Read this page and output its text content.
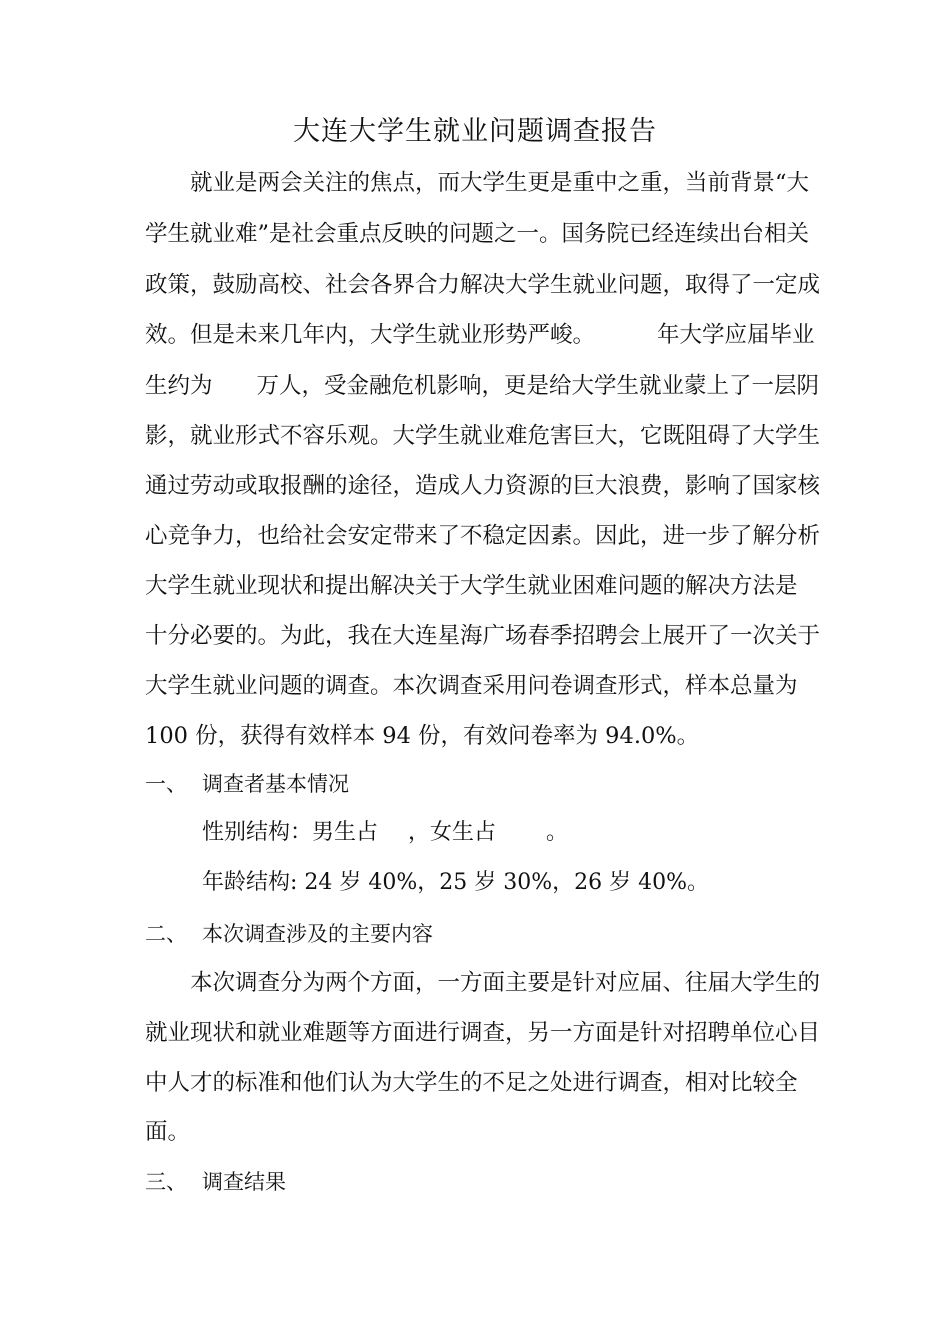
大连大学生就业问题调查报告
就业是两会关注的焦点，而大学生更是重中之重，当前背景“大
学生就业难”是社会重点反映的问题之一。国务院已经连续出台相关
政策，鼓励高校、社会各界合力解决大学生就业问题，取得了一定成
效。但是未来几年内，大学生就业形势严峻。	年大学应届毕业
生约为 万人，受金融危机影响，更是给大学生就业蒙上了一层阴
影，就业形式不容乐观。大学生就业难危害巨大，它既阻碍了大学生
通过劳动或取报酬的途径，造成人力资源的巨大浪费，影响了国家核
心竞争力，也给社会安定带来了不稳定因素。因此，进一步了解分析
大学生就业现状和提出解决关于大学生就业困难问题的解决方法是
十分必要的。为此，我在大连星海广场春季招聘会上展开了一次关于
大学生就业问题的调查。本次调查采用问卷调查形式，样本总量为
100 份，获得有效样本 94 份，有效问卷率为 94.0%。
一、 调查者基本情况
性别结构：男生占 ，女生占 。
年龄结构: 24 岁 40%，25 岁 30%，26 岁 40%。
二、 本次调查涉及的主要内容
本次调查分为两个方面，一方面主要是针对应届、往届大学生的
就业现状和就业难题等方面进行调查，另一方面是针对招聘单位心目
中人才的标准和他们认为大学生的不足之处进行调查，相对比较全
面。
三、 调查结果
